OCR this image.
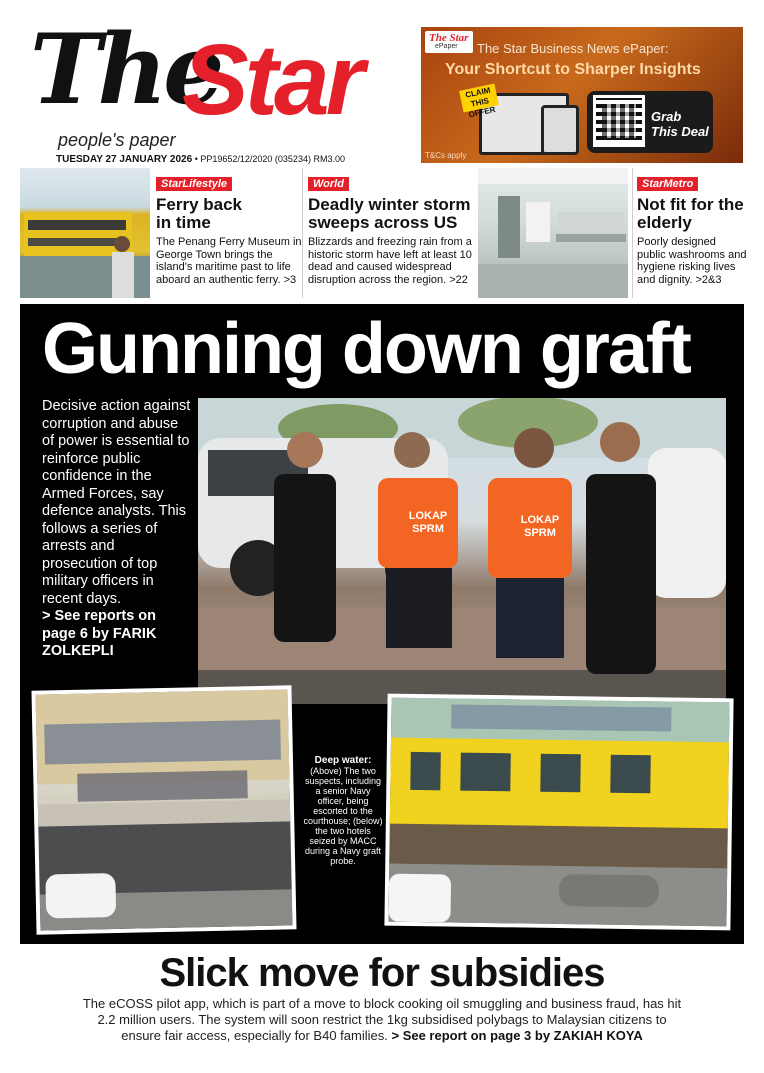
The
Star
people's paper
TUESDAY 27 JANUARY 2026 • PP19652/12/2020 (035234) RM3.00
The Star
ePaper The Star Business News ePaper:
Your Shortcut to Sharper Insights
CLAIM THIS OFFER	Grab This Deal
T&Cs apply
StarLifestyle
Ferry back in time
The Penang Ferry Museum in George Town brings the island's maritime past to life aboard an authentic ferry. >3
World
Deadly winter storm sweeps across US
Blizzards and freezing rain from a historic storm have left at least 10 dead and caused widespread disruption across the region. >22
StarMetro
Not fit for the elderly
Poorly designed public washrooms and hygiene risking lives and dignity. >2&3
Gunning down graft
Decisive action against corruption and abuse of power is essential to reinforce public confidence in the Armed Forces, say defence analysts. This follows a series of arrests and prosecution of top military officers in recent days.
> See reports on page 6 by FARIK ZOLKEPLI
LOKAP SPRM
LOKAP SPRM
Deep water:
(Above) The two suspects, including a senior Navy officer, being escorted to the courthouse; (below) the two hotels seized by MACC during a Navy graft probe.
Slick move for subsidies
The eCOSS pilot app, which is part of a move to block cooking oil smuggling and business fraud, has hit 2.2 million users. The system will soon restrict the 1kg subsidised polybags to Malaysian citizens to ensure fair access, especially for B40 families. > See report on page 3 by ZAKIAH KOYA
